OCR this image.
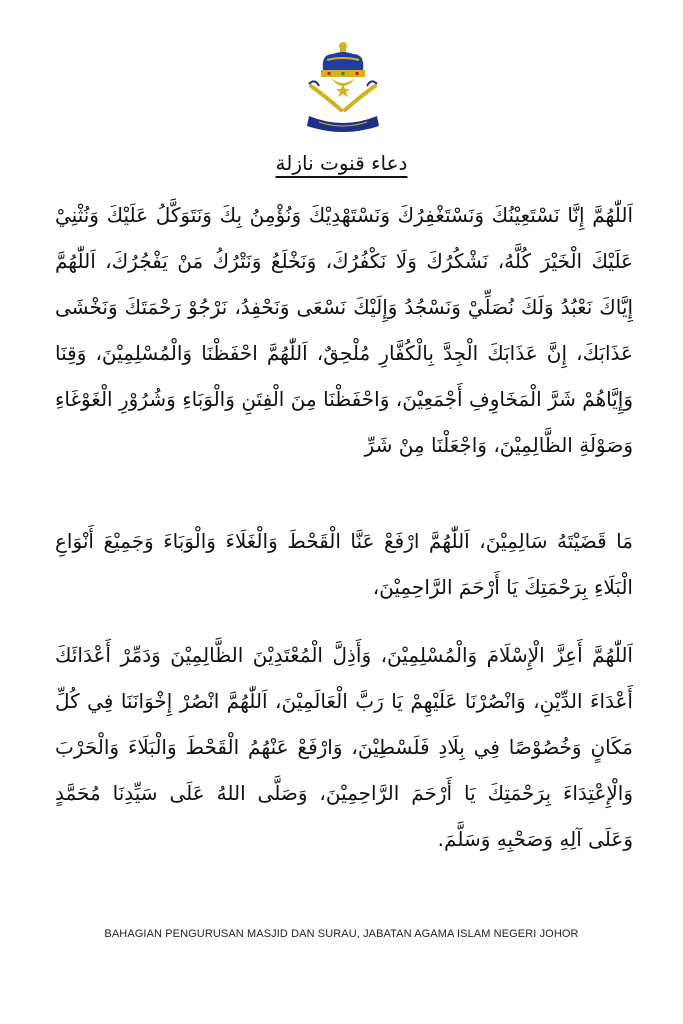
دعاء قنوت نازلة
اَللّٰهُمَّ إِنَّا نَسْتَعِيْنُكَ وَنَسْتَغْفِرُكَ وَنَسْتَهْدِيْكَ وَنُؤْمِنُ بِكَ وَنَتَوَكَّلُ عَلَيْكَ وَنُثْنِيْ عَلَيْكَ الْخَيْرَ كُلَّهُ، نَشْكُرُكَ وَلَا نَكْفُرُكَ، وَنَخْلَعُ وَنَتْرُكُ مَنْ يَفْجُرُكَ، اَللّٰهُمَّ إِيَّاكَ نَعْبُدُ وَلَكَ نُصَلِّيْ وَنَسْجُدُ وَإِلَيْكَ نَسْعَى وَنَحْفِدُ، نَرْجُوْ رَحْمَتَكَ وَنَخْشَى عَذَابَكَ، إِنَّ عَذَابَكَ الْجِدَّ بِالْكُفَّارِ مُلْحِقٌ، اَللّٰهُمَّ احْفَظْنَا وَالْمُسْلِمِيْنَ، وَقِنَا وَإِيَّاهُمْ شَرَّ الْمَخَاوِفِ أَجْمَعِيْنَ، وَاحْفَظْنَا مِنَ الْفِتَنِ وَالْوَبَاءِ وَشُرُوْرِ الْغَوْغَاءِ وَصَوْلَةِ الظَّالِمِيْنَ، وَاجْعَلْنَا مِنْ شَرِّ
مَا قَضَيْتَهُ سَالِمِيْنَ، اَللّٰهُمَّ ارْفَعْ عَنَّا الْقَحْطَ وَالْغَلَاءَ وَالْوَبَاءَ وَجَمِيْعَ أَنْوَاعِ الْبَلَاءِ بِرَحْمَتِكَ يَا أَرْحَمَ الرَّاحِمِيْنَ،
اَللّٰهُمَّ أَعِزَّ الْإِسْلَامَ وَالْمُسْلِمِيْنَ، وَأَذِلَّ الْمُعْتَدِيْنَ الظَّالِمِيْنَ وَدَمِّرْ أَعْدَائَكَ أَعْدَاءَ الدِّيْنِ، وَانْصُرْنَا عَلَيْهِمْ يَا رَبَّ الْعَالَمِيْنَ، اَللّٰهُمَّ انْصُرْ إِخْوَانَنَا فِي كُلِّ مَكَانٍ وَخُصُوْصًا فِي بِلَادِ فَلَسْطِيْنَ، وَارْفَعْ عَنْهُمُ الْقَحْطَ وَالْبَلَاءَ وَالْحَرْبَ وَالْإِعْتِدَاءَ بِرَحْمَتِكَ يَا أَرْحَمَ الرَّاحِمِيْنَ، وَصَلَّى اللهُ عَلَى سَيِّدِنَا مُحَمَّدٍ وَعَلَى آلِهِ وَصَحْبِهِ وَسَلَّمَ.
BAHAGIAN PENGURUSAN MASJID DAN SURAU, JABATAN AGAMA ISLAM NEGERI JOHOR
